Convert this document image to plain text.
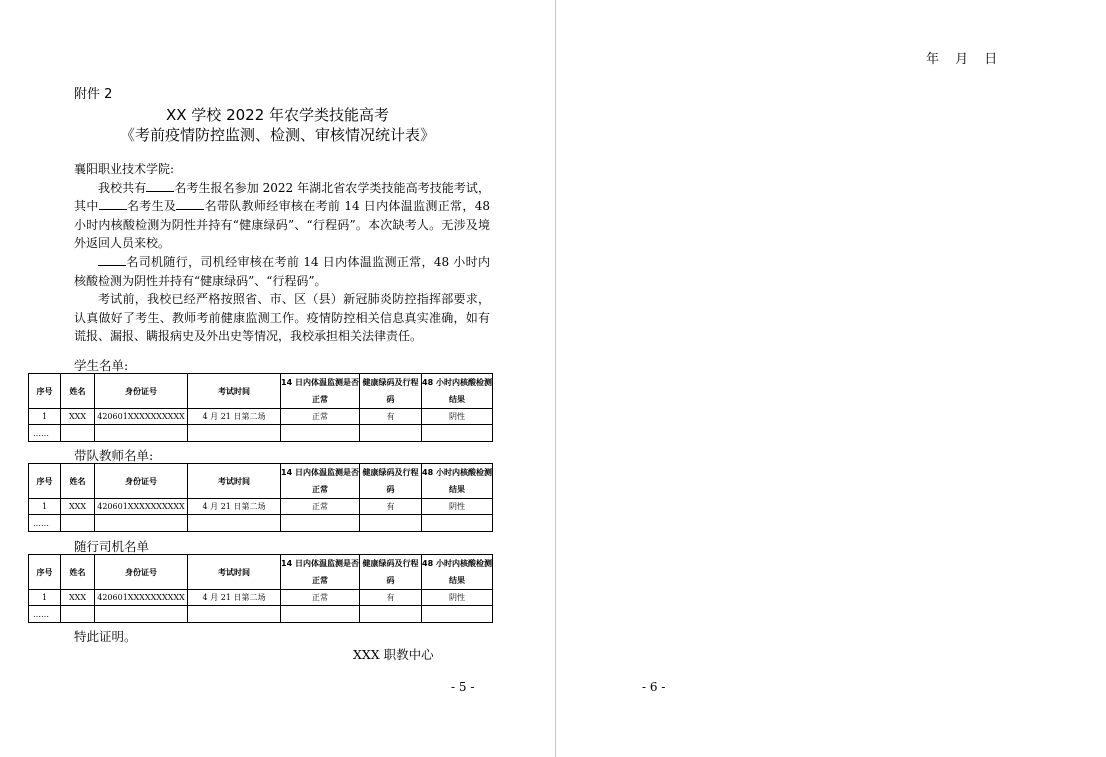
附件 2
XX 学校 2022 年农学类技能高考
《考前疫情防控监测、检测、审核情况统计表》

襄阳职业技术学院:

我校共有 名考生报名参加 2022 年湖北省农学类技能高考技能考试，其中 名考生及 名带队教师经审核在考前 14 日内体温监测正常，48 小时内核酸检测为阴性并持有“健康绿码”、“行程码”。本次缺考人。无涉及境外返回人员来校。

名司机随行，司机经审核在考前 14 日内体温监测正常，48 小时内核酸检测为阴性并持有“健康绿码”、“行程码”。

考试前，我校已经严格按照省、市、区（县）新冠肺炎防控指挥部要求，认真做好了考生、教师考前健康监测工作。疫情防控相关信息真实准确，如有谎报、漏报、瞒报病史及外出史等情况，我校承担相关法律责任。

学生名单:
序号	姓名	身份证号	考试时间	14 日内体温监测是否正常	健康绿码及行程码	48 小时内核酸检测结果
1	XXX	420601XXXXXXXXXX	4 月 21 日第二场	正常	有	阴性
……						
带队教师名单:
序号	姓名	身份证号	考试时间	14 日内体温监测是否正常	健康绿码及行程码	48 小时内核酸检测结果
1	XXX	420601XXXXXXXXXX	4 月 21 日第二场	正常	有	阴性
……						
随行司机名单
序号	姓名	身份证号	考试时间	14 日内体温监测是否正常	健康绿码及行程码	48 小时内核酸检测结果
1	XXX	420601XXXXXXXXXX	4 月 21 日第二场	正常	有	阴性
……						
特此证明。
XXX 职教中心
- 5 -
年 月 日
- 6 -
